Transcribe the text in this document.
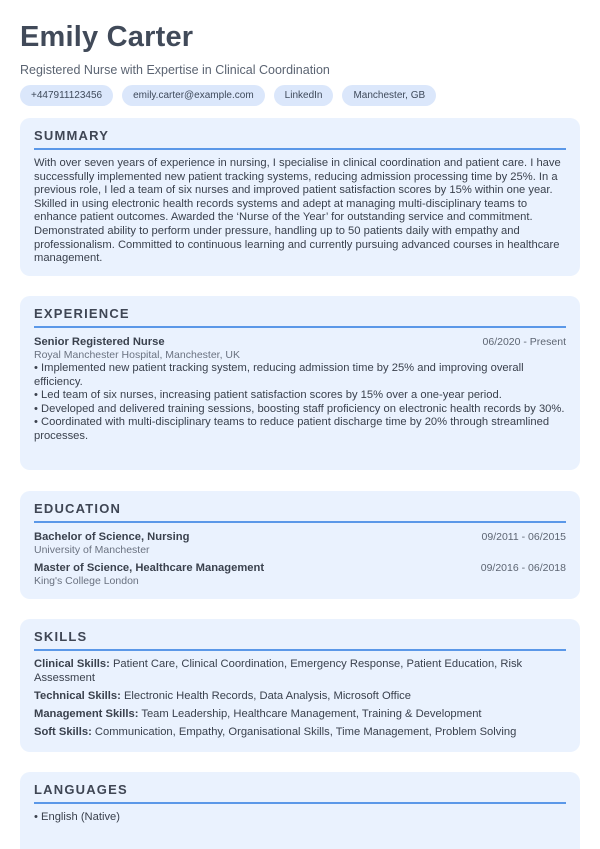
Emily Carter
Registered Nurse with Expertise in Clinical Coordination
+447911123456	emily.carter@example.com	LinkedIn	Manchester, GB
SUMMARY
With over seven years of experience in nursing, I specialise in clinical coordination and patient care. I have successfully implemented new patient tracking systems, reducing admission processing time by 25%. In a previous role, I led a team of six nurses and improved patient satisfaction scores by 15% within one year. Skilled in using electronic health records systems and adept at managing multi-disciplinary teams to enhance patient outcomes. Awarded the ‘Nurse of the Year’ for outstanding service and commitment. Demonstrated ability to perform under pressure, handling up to 50 patients daily with empathy and professionalism. Committed to continuous learning and currently pursuing advanced courses in healthcare management.
EXPERIENCE
Senior Registered Nurse	06/2020 - Present
Royal Manchester Hospital, Manchester, UK
• Implemented new patient tracking system, reducing admission time by 25% and improving overall efficiency.
• Led team of six nurses, increasing patient satisfaction scores by 15% over a one-year period.
• Developed and delivered training sessions, boosting staff proficiency on electronic health records by 30%.
• Coordinated with multi-disciplinary teams to reduce patient discharge time by 20% through streamlined processes.
EDUCATION
Bachelor of Science, Nursing	09/2011 - 06/2015
University of Manchester
Master of Science, Healthcare Management	09/2016 - 06/2018
King's College London
SKILLS
Clinical Skills: Patient Care, Clinical Coordination, Emergency Response, Patient Education, Risk Assessment
Technical Skills: Electronic Health Records, Data Analysis, Microsoft Office
Management Skills: Team Leadership, Healthcare Management, Training & Development
Soft Skills: Communication, Empathy, Organisational Skills, Time Management, Problem Solving
LANGUAGES
• English (Native)
